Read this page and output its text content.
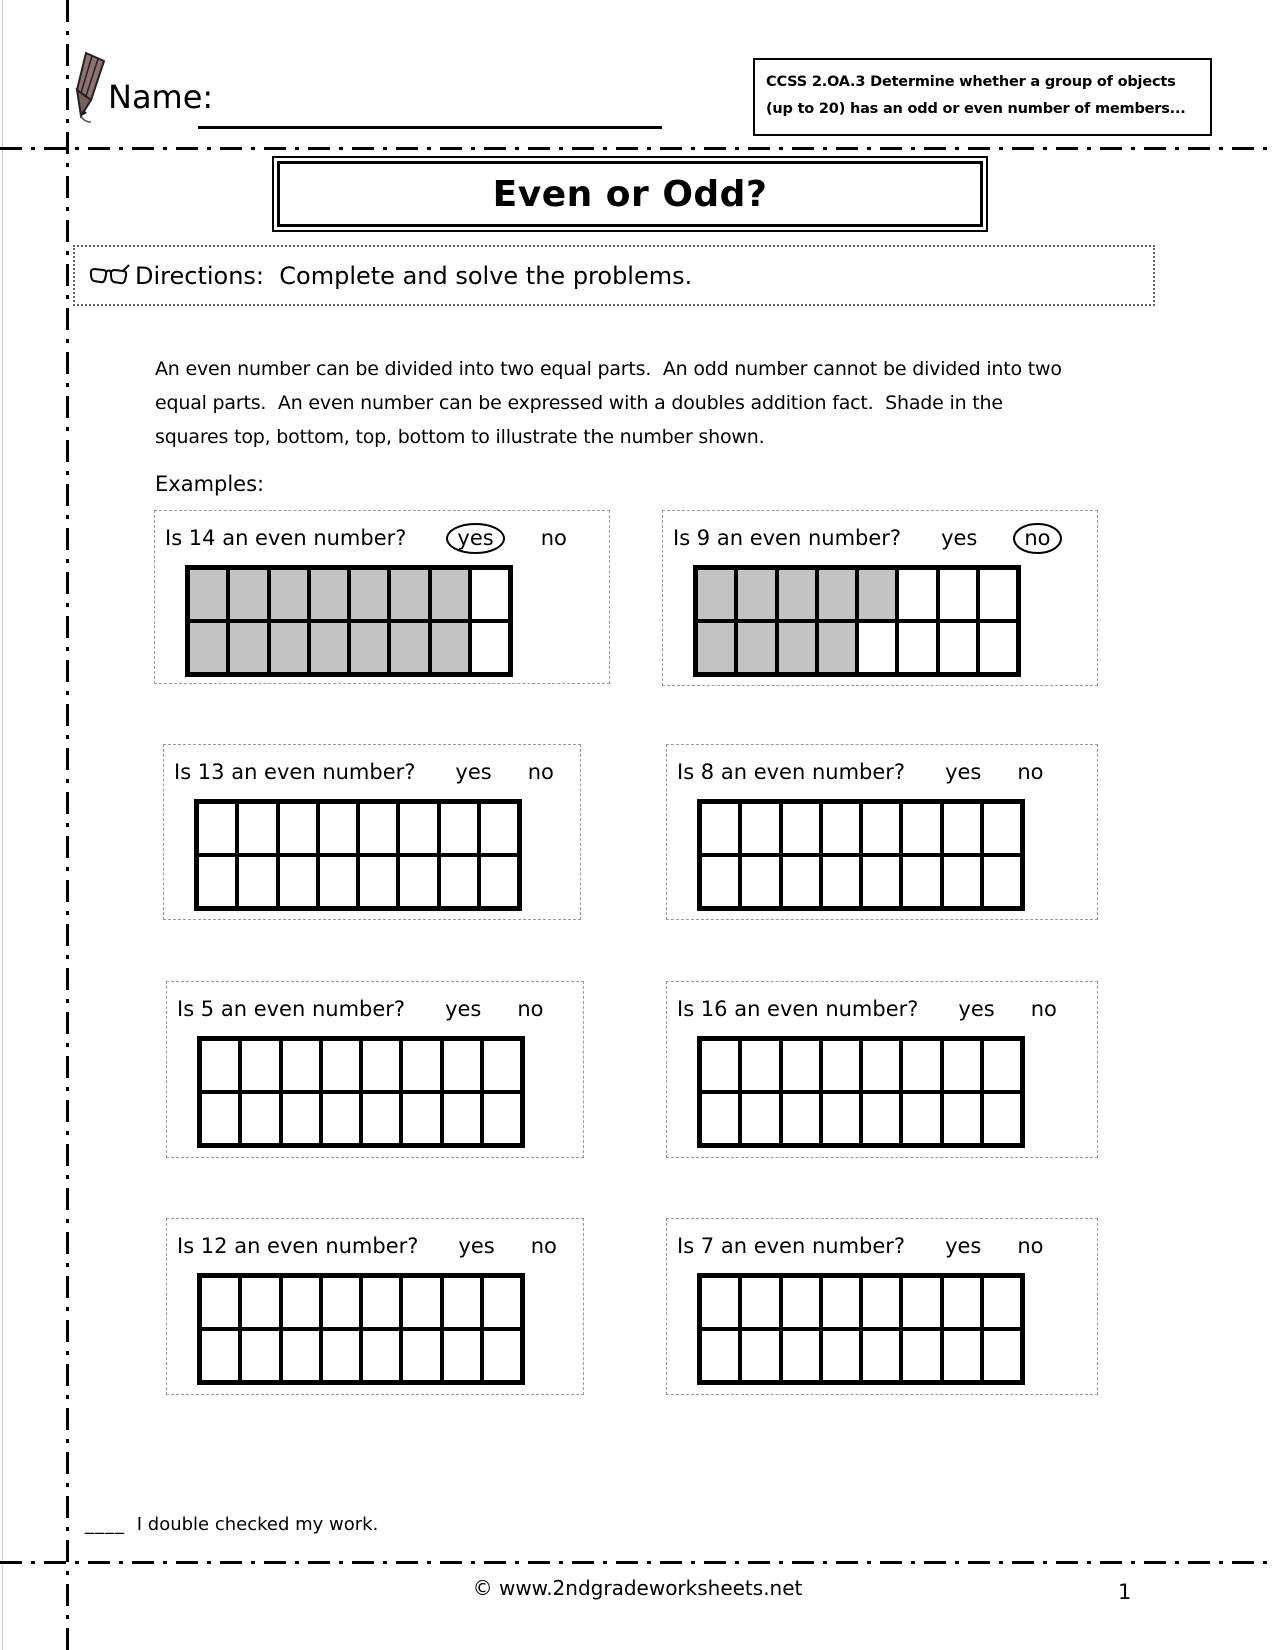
Name:	CCSS 2.OA.3 Determine whether a group of objects
(up to 20) has an odd or even number of members...
Even or Odd?
Directions:  Complete and solve the problems.
An even number can be divided into two equal parts.  An odd number cannot be divided into two
equal parts.  An even number can be expressed with a doubles addition fact.  Shade in the
squares top, bottom, top, bottom to illustrate the number shown.
Examples:
Is 14 an even number?	yes	no	Is 9 an even number? yes	no
Is 13 an even number? yes no	Is 8 an even number? yes no
Is 5 an even number? yes no	Is 16 an even number? yes no
Is 12 an even number? yes no	Is 7 an even number? yes no
____ I double checked my work.
© www.2ndgradeworksheets.net	1
